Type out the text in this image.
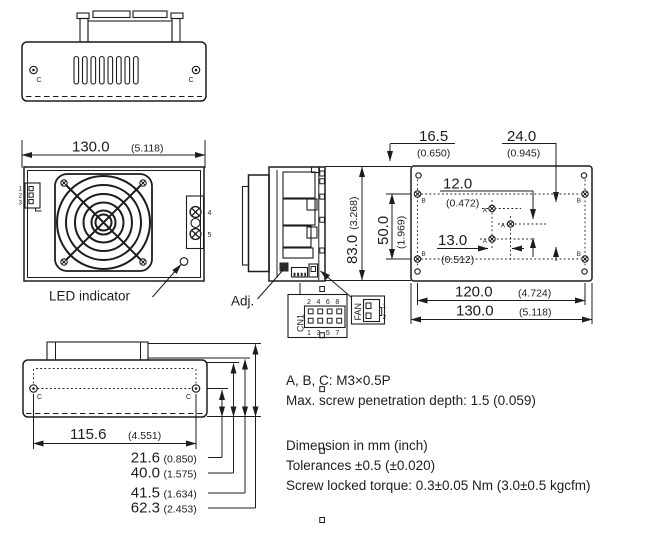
C	C
130.0 (5.118)
1
2
3
4
5
LED indicator
83.0(3.268)
50.0 (1.969)
Adj.
CN1
2 4 6 8
1 3 5 7
FAN	1
2
B	B
B	B
A
A
A
16.5
(0.650)
24.0
(0.945)
12.0
(0.472)
13.0
(0.512)
120.0 (4.724)
130.0 (5.118)
C	C
115.6 (4.551)
21.6 (0.850)
40.0 (1.575)
41.5 (1.634)
62.3 (2.453)
A, B, C: M3×0.5P
Max. screw penetration depth: 1.5 (0.059)
Dimension in mm (inch)
Tolerances ±0.5 (±0.020)
Screw locked torque: 0.3±0.05 Nm (3.0±0.5 kgcfm)
